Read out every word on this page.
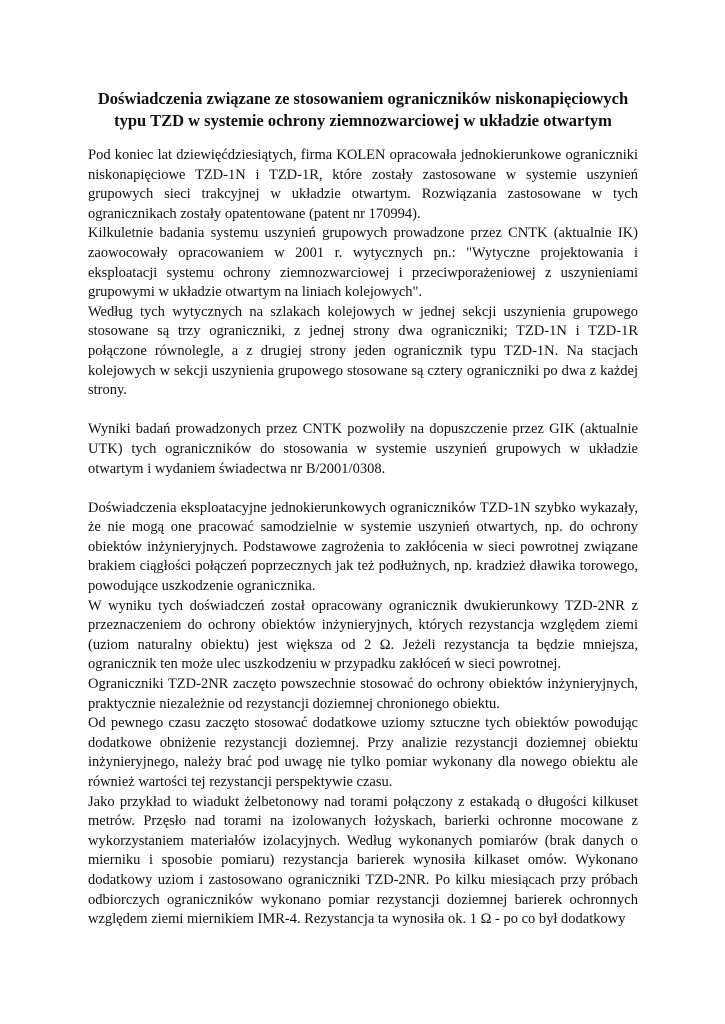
Doświadczenia związane ze stosowaniem ograniczników niskonapięciowych
typu TZD w systemie ochrony ziemnozwarciowej w układzie otwartym

Pod koniec lat dziewięćdziesiątych, firma KOLEN opracowała jednokierunkowe ograniczniki niskonapięciowe TZD-1N i TZD-1R, które zostały zastosowane w systemie uszynień grupowych sieci trakcyjnej w układzie otwartym. Rozwiązania zastosowane w tych ogranicznikach zostały opatentowane (patent nr 170994).

Kilkuletnie badania systemu uszynień grupowych prowadzone przez CNTK (aktualnie IK) zaowocowały opracowaniem w 2001 r. wytycznych pn.: "Wytyczne projektowania i eksploatacji systemu ochrony ziemnozwarciowej i przeciwporażeniowej z uszynieniami grupowymi w układzie otwartym na liniach kolejowych".

Według tych wytycznych na szlakach kolejowych w jednej sekcji uszynienia grupowego stosowane są trzy ograniczniki, z jednej strony dwa ograniczniki; TZD-1N i TZD-1R połączone równolegle, a z drugiej strony jeden ogranicznik typu TZD-1N. Na stacjach kolejowych w sekcji uszynienia grupowego stosowane są cztery ograniczniki po dwa z każdej strony.

Wyniki badań prowadzonych przez CNTK pozwoliły na dopuszczenie przez GIK (aktualnie UTK) tych ograniczników do stosowania w systemie uszynień grupowych w układzie otwartym i wydaniem świadectwa nr B/2001/0308.

Doświadczenia eksploatacyjne jednokierunkowych ograniczników TZD-1N szybko wykazały, że nie mogą one pracować samodzielnie w systemie uszynień otwartych, np. do ochrony obiektów inżynieryjnych. Podstawowe zagrożenia to zakłócenia w sieci powrotnej związane brakiem ciągłości połączeń poprzecznych jak też podłużnych, np. kradzież dławika torowego, powodujące uszkodzenie ogranicznika.

W wyniku tych doświadczeń został opracowany ogranicznik dwukierunkowy TZD-2NR z przeznaczeniem do ochrony obiektów inżynieryjnych, których rezystancja względem ziemi (uziom naturalny obiektu) jest większa od 2 Ω. Jeżeli rezystancja ta będzie mniejsza, ogranicznik ten może ulec uszkodzeniu w przypadku zakłóceń w sieci powrotnej.

Ograniczniki TZD-2NR zaczęto powszechnie stosować do ochrony obiektów inżynieryjnych, praktycznie niezależnie od rezystancji doziemnej chronionego obiektu.

Od pewnego czasu zaczęto stosować dodatkowe uziomy sztuczne tych obiektów powodując dodatkowe obniżenie rezystancji doziemnej. Przy analizie rezystancji doziemnej obiektu inżynieryjnego, należy brać pod uwagę nie tylko pomiar wykonany dla nowego obiektu ale również wartości tej rezystancji perspektywie czasu.

Jako przykład to wiadukt żelbetonowy nad torami połączony z estakadą o długości kilkuset metrów. Przęsło nad torami na izolowanych łożyskach, barierki ochronne mocowane z wykorzystaniem materiałów izolacyjnych. Według wykonanych pomiarów (brak danych o mierniku i sposobie pomiaru) rezystancja barierek wynosiła kilkaset omów. Wykonano dodatkowy uziom i zastosowano ograniczniki TZD-2NR. Po kilku miesiącach przy próbach odbiorczych ograniczników wykonano pomiar rezystancji doziemnej barierek ochronnych względem ziemi miernikiem IMR-4. Rezystancja ta wynosiła ok. 1 Ω - po co był dodatkowy
